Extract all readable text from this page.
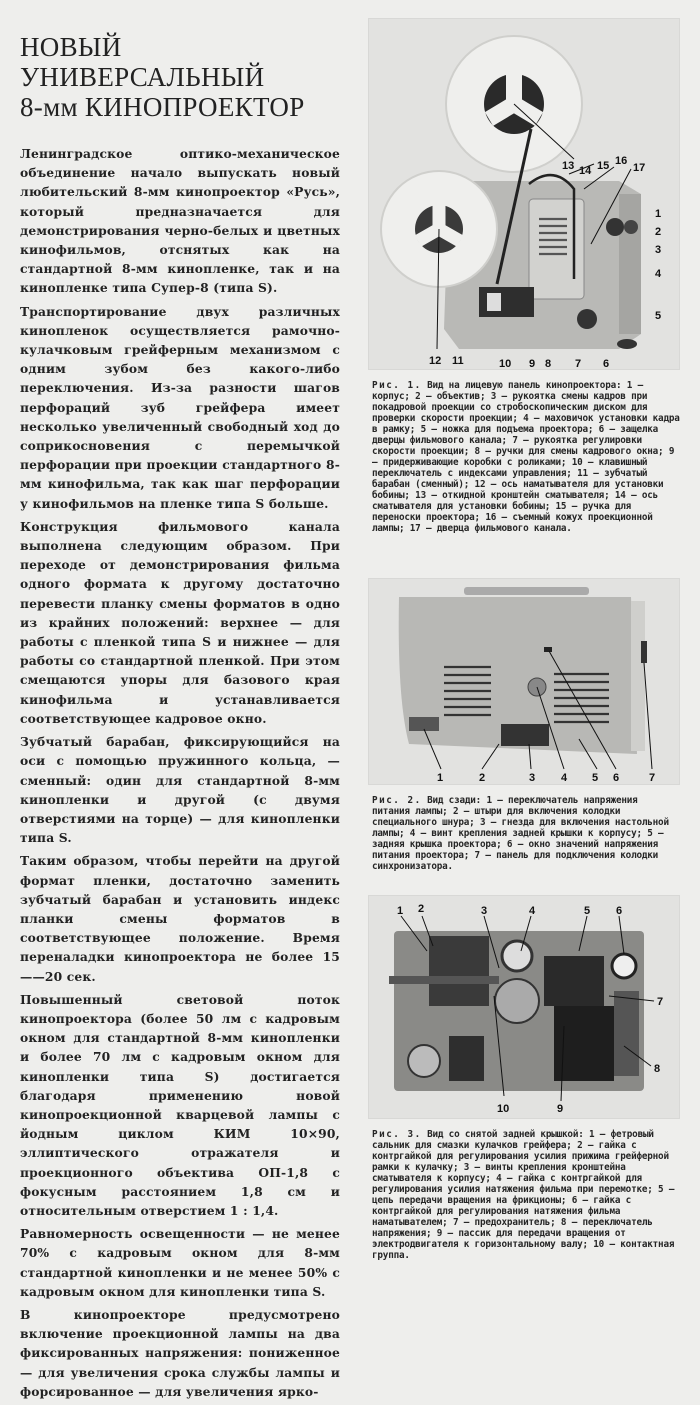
НОВЫЙ
УНИВЕРСАЛЬНЫЙ
8-мм КИНОПРОЕКТОР

Ленинградское оптико-механическое объединение начало выпускать новый любительский 8-мм кинопроектор «Русь», который предназначается для демонстрирования черно-белых и цветных кинофильмов, отснятых как на стандартной 8-мм кинопленке, так и на кинопленке типа Супер-8 (типа S).

Транспортирование двух различных кинопленок осуществляется рамочно-кулачковым грейферным механизмом с одним зубом без какого-либо переключения. Из-за разности шагов перфораций зуб грейфера имеет несколько увеличенный свободный ход до соприкосновения с перемычкой перфорации при проекции стандартного 8-мм кинофильма, так как шаг перфорации у кинофильмов на пленке типа S больше.

Конструкция фильмового канала выполнена следующим образом. При переходе от демонстрирования фильма одного формата к другому достаточно перевести планку смены форматов в одно из крайних положений: верхнее — для работы с пленкой типа S и нижнее — для работы со стандартной пленкой. При этом смещаются упоры для базового края кинофильма и устанавливается соответствующее кадровое окно.

Зубчатый барабан, фиксирующийся на оси с помощью пружинного кольца, — сменный: один для стандартной 8-мм кинопленки и другой (с двумя отверстиями на торце) — для кинопленки типа S.

Таким образом, чтобы перейти на другой формат пленки, достаточно заменить зубчатый барабан и установить индекс планки смены форматов в соответствующее положение. Время переналадки кинопроектора не более 15——20 сек.

Повышенный световой поток кинопроектора (более 50 лм с кадровым окном для стандартной 8-мм кинопленки и более 70 лм с кадровым окном для кинопленки типа S) достигается благодаря применению новой кинопроекционной кварцевой лампы с йодным циклом КИМ 10×90, эллиптического отражателя и проекционного объектива ОП-1,8 с фокусным расстоянием 1,8 см и относительным отверстием 1 : 1,4.

Равномерность освещенности — не менее 70% с кадровым окном для 8-мм стандартной кинопленки и не менее 50% с кадровым окном для кинопленки типа S.

В кинопроекторе предусмотрено включение проекционной лампы на два фиксированных напряжения: пониженное — для увеличения срока службы лампы и форсированное — для увеличения ярко-

13 14 15 16
17
1
2
3
4
5
12 11	10 9 8 7 6
Рис. 1. Вид на лицевую панель кинопроектора: 1 — корпус; 2 — объектив; 3 — рукоятка смены кадров при покадровой проекции со стробоскопическим диском для проверки скорости проекции; 4 — маховичок установки кадра в рамку; 5 — ножка для подъема проектора; 6 — защелка дверцы фильмового канала; 7 — рукоятка регулировки скорости проекции; 8 — ручки для смены кадрового окна; 9 — придерживающие коробки с роликами; 10 — клавишный переключатель с индексами управления; 11 — зубчатый барабан (сменный); 12 — ось наматывателя для установки бобины; 13 — откидной кронштейн сматывателя; 14 — ось сматывателя для установки бобины; 15 — ручка для переноски проектора; 16 — съемный кожух проекционной лампы; 17 — дверца фильмового канала.
1	2	3 4 5 6	7
Рис. 2. Вид сзади: 1 — переключатель напряжения питания лампы; 2 — штыри для включения колодки специального шнура; 3 — гнезда для включения настольной лампы; 4 — винт крепления задней крышки к корпусу; 5 — задняя крышка проектора; 6 — окно значений напряжения питания проектора; 7 — панель для подключения колодки синхронизатора.
1 2	3	4	5 6
7
8
9
10
Рис. 3. Вид со снятой задней крышкой: 1 — фетровый сальник для смазки кулачков грейфера; 2 — гайка с контргайкой для регулирования усилия прижима грейферной рамки к кулачку; 3 — винты крепления кронштейна сматывателя к корпусу; 4 — гайка с контргайкой для регулирования усилия натяжения фильма при перемотке; 5 — цепь передачи вращения на фрикционы; 6 — гайка с контргайкой для регулирования натяжения фильма наматывателем; 7 — предохранитель; 8 — переключатель напряжения; 9 — пассик для передачи вращения от электродвигателя к горизонтальному валу; 10 — контактная группа.
